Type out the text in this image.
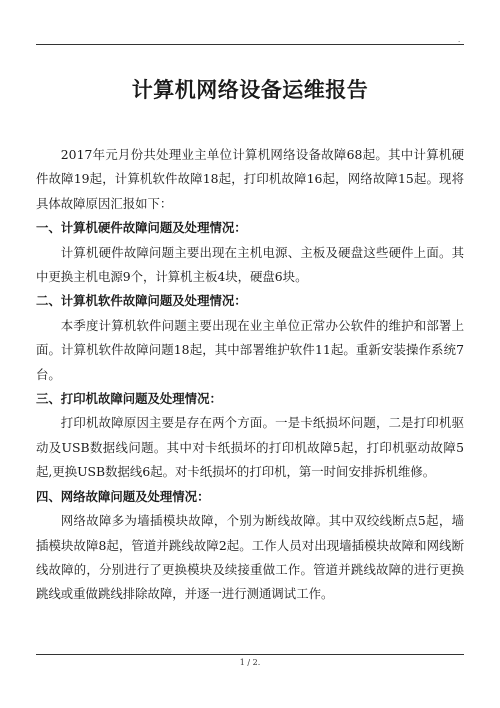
.
计算机网络设备运维报告

2017年元月份共处理业主单位计算机网络设备故障68起。其中计算机硬件故障19起，计算机软件故障18起，打印机故障16起，网络故障15起。现将具体故障原因汇报如下：

一、计算机硬件故障问题及处理情况：

计算机硬件故障问题主要出现在主机电源、主板及硬盘这些硬件上面。其中更换主机电源9个，计算机主板4块，硬盘6块。

二、计算机软件故障问题及处理情况：

本季度计算机软件问题主要出现在业主单位正常办公软件的维护和部署上面。计算机软件故障问题18起，其中部署维护软件11起。重新安装操作系统7台。

三、打印机故障问题及处理情况：

打印机故障原因主要是存在两个方面。一是卡纸损坏问题，二是打印机驱动及USB数据线问题。其中对卡纸损坏的打印机故障5起，打印机驱动故障5起,更换USB数据线6起。对卡纸损坏的打印机，第一时间安排拆机维修。

四、网络故障问题及处理情况：

网络故障多为墙插模块故障，个别为断线故障。其中双绞线断点5起，墙插模块故障8起，管道并跳线故障2起。工作人员对出现墙插模块故障和网线断线故障的，分别进行了更换模块及续接重做工作。管道并跳线故障的进行更换跳线或重做跳线排除故障，并逐一进行测通调试工作。

1 / 2.
